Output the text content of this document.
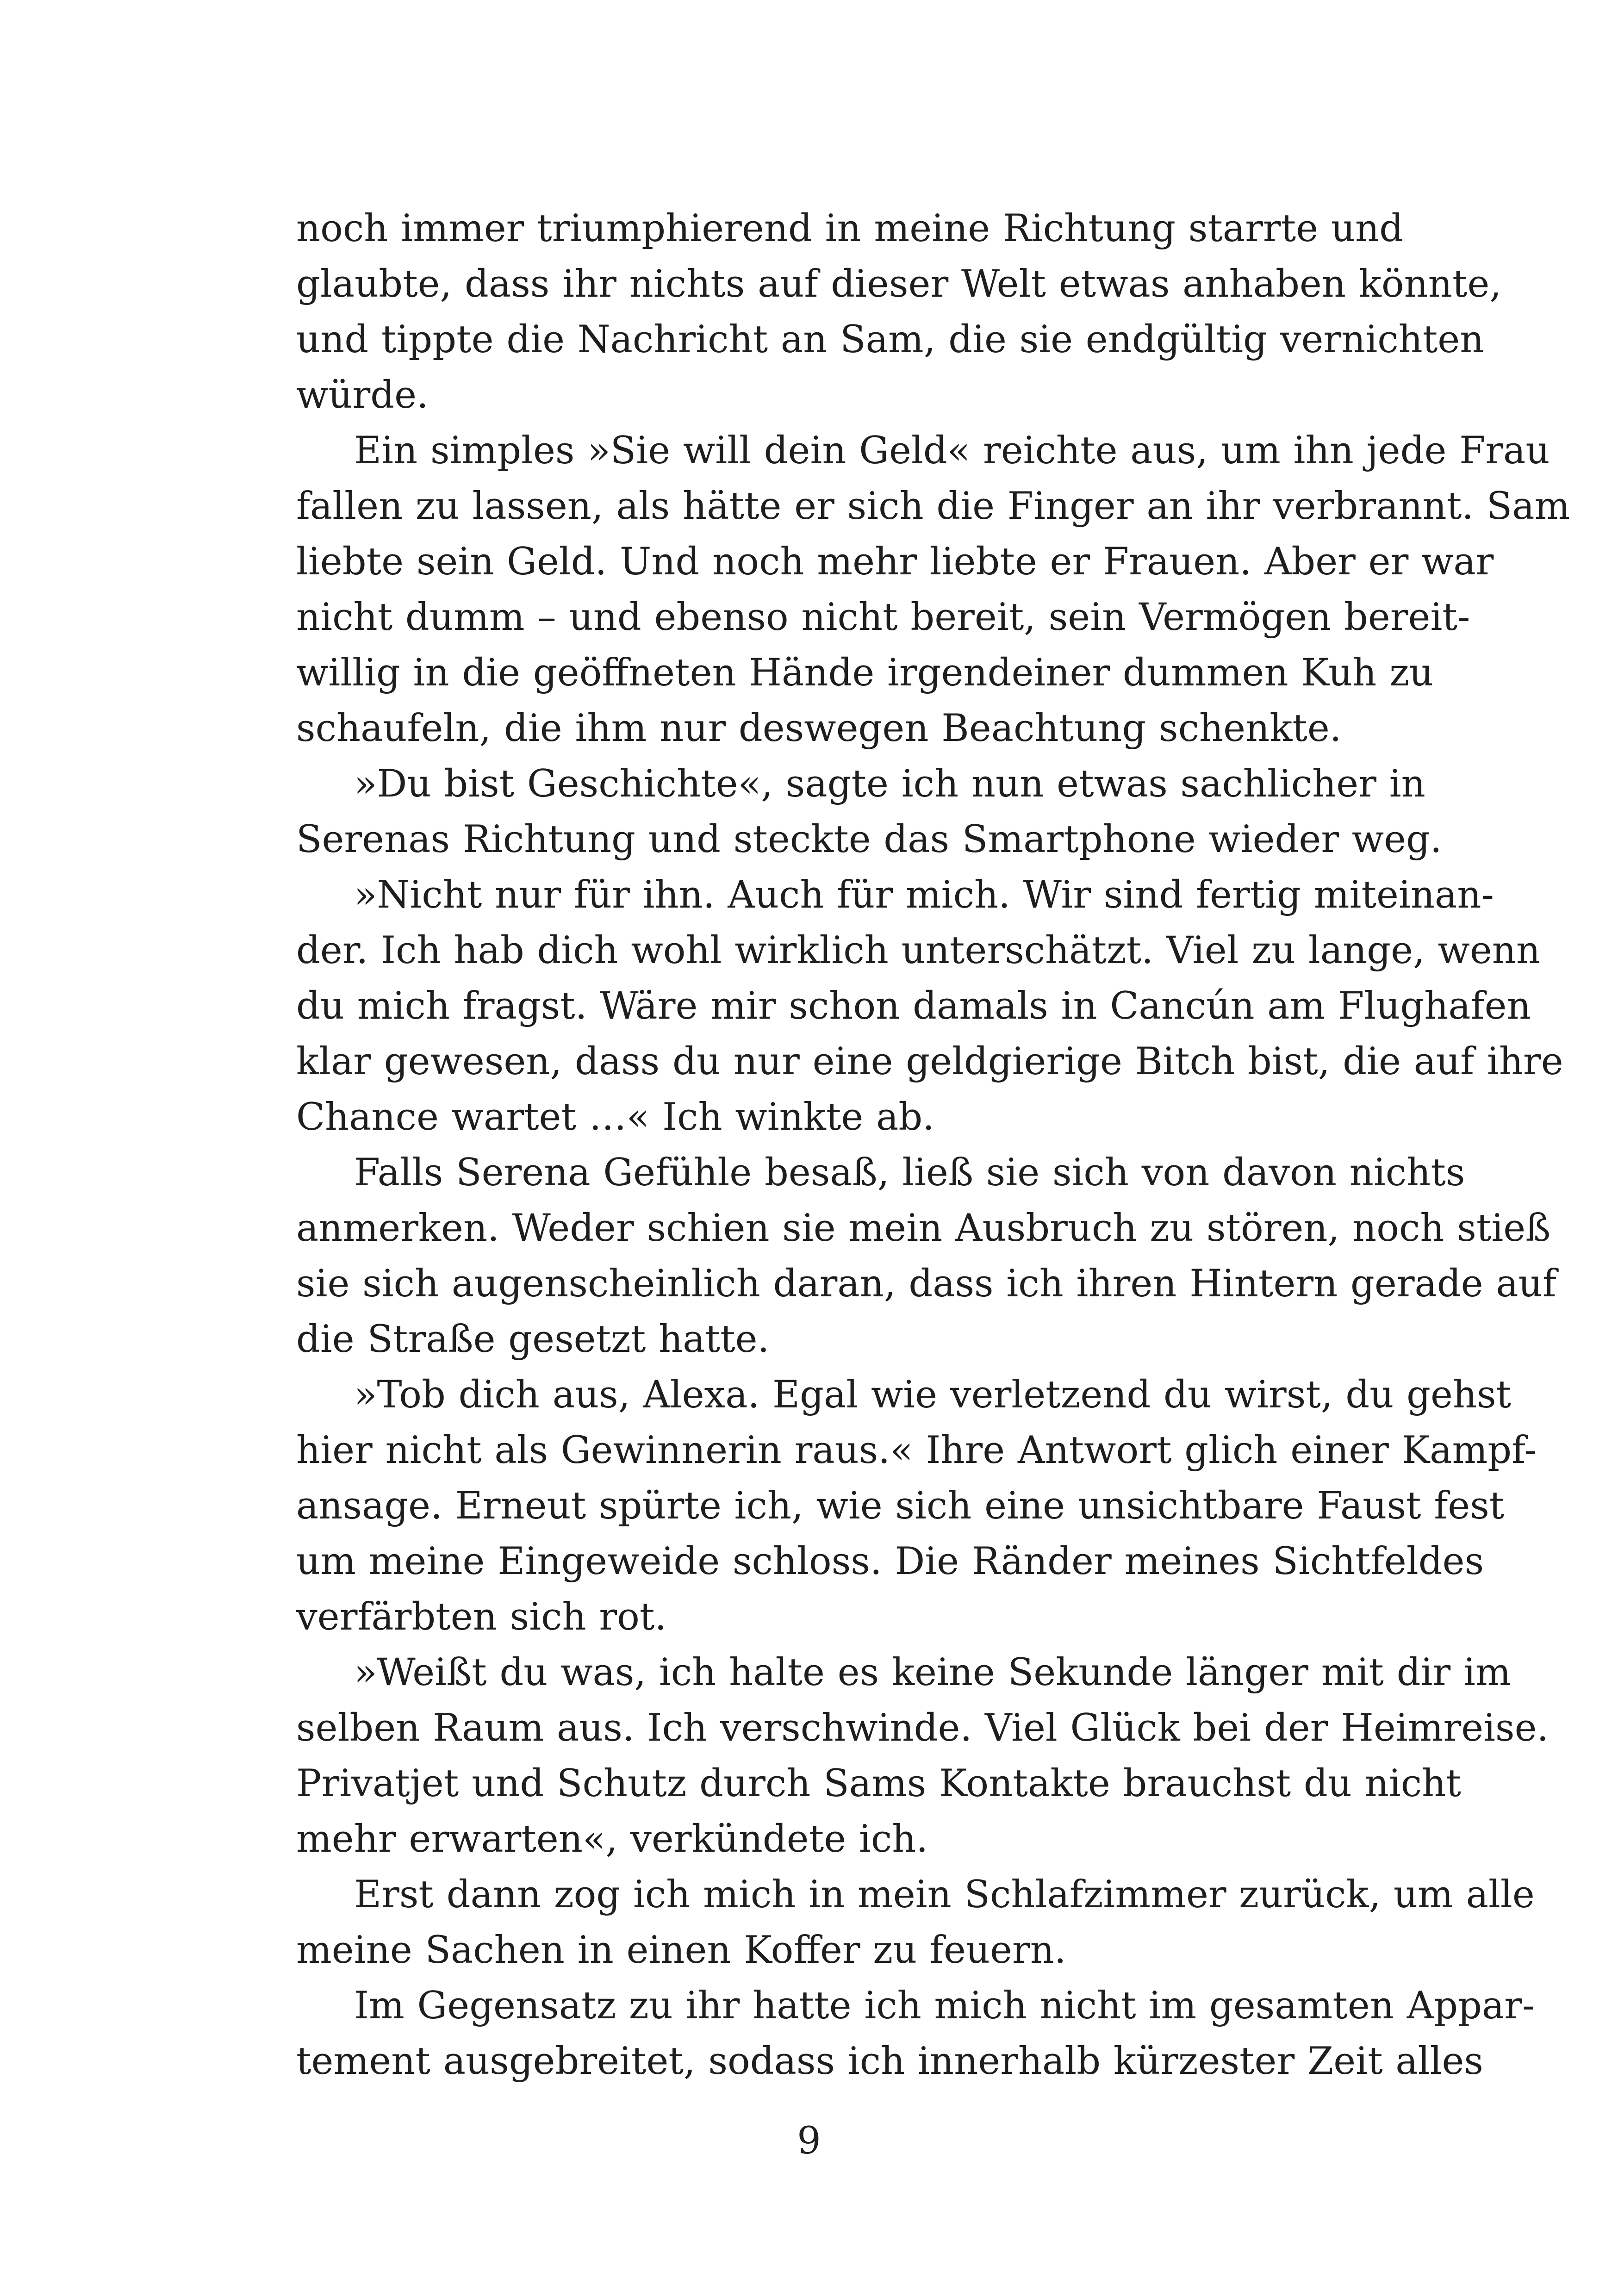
noch immer triumphierend in meine Richtung starrte und
glaubte, dass ihr nichts auf dieser Welt etwas anhaben könnte,
und tippte die Nachricht an Sam, die sie endgültig vernichten
würde.
Ein simples »Sie will dein Geld« reichte aus, um ihn jede Frau
fallen zu lassen, als hätte er sich die Finger an ihr verbrannt. Sam
liebte sein Geld. Und noch mehr liebte er Frauen. Aber er war
nicht dumm – und ebenso nicht bereit, sein Vermögen bereit-
willig in die geöffneten Hände irgendeiner dummen Kuh zu
schaufeln, die ihm nur deswegen Beachtung schenkte.
»Du bist Geschichte«, sagte ich nun etwas sachlicher in
Serenas Richtung und steckte das Smartphone wieder weg.
»Nicht nur für ihn. Auch für mich. Wir sind fertig miteinan-
der. Ich hab dich wohl wirklich unterschätzt. Viel zu lange, wenn
du mich fragst. Wäre mir schon damals in Cancún am Flughafen
klar gewesen, dass du nur eine geldgierige Bitch bist, die auf ihre
Chance wartet …« Ich winkte ab.
Falls Serena Gefühle besaß, ließ sie sich von davon nichts
anmerken. Weder schien sie mein Ausbruch zu stören, noch stieß
sie sich augenscheinlich daran, dass ich ihren Hintern gerade auf
die Straße gesetzt hatte.
»Tob dich aus, Alexa. Egal wie verletzend du wirst, du gehst
hier nicht als Gewinnerin raus.« Ihre Antwort glich einer Kampf-
ansage. Erneut spürte ich, wie sich eine unsichtbare Faust fest
um meine Eingeweide schloss. Die Ränder meines Sichtfeldes
verfärbten sich rot.
»Weißt du was, ich halte es keine Sekunde länger mit dir im
selben Raum aus. Ich verschwinde. Viel Glück bei der Heimreise.
Privatjet und Schutz durch Sams Kontakte brauchst du nicht
mehr erwarten«, verkündete ich.
Erst dann zog ich mich in mein Schlafzimmer zurück, um alle
meine Sachen in einen Koffer zu feuern.
Im Gegensatz zu ihr hatte ich mich nicht im gesamten Appar-
tement ausgebreitet, sodass ich innerhalb kürzester Zeit alles
9
